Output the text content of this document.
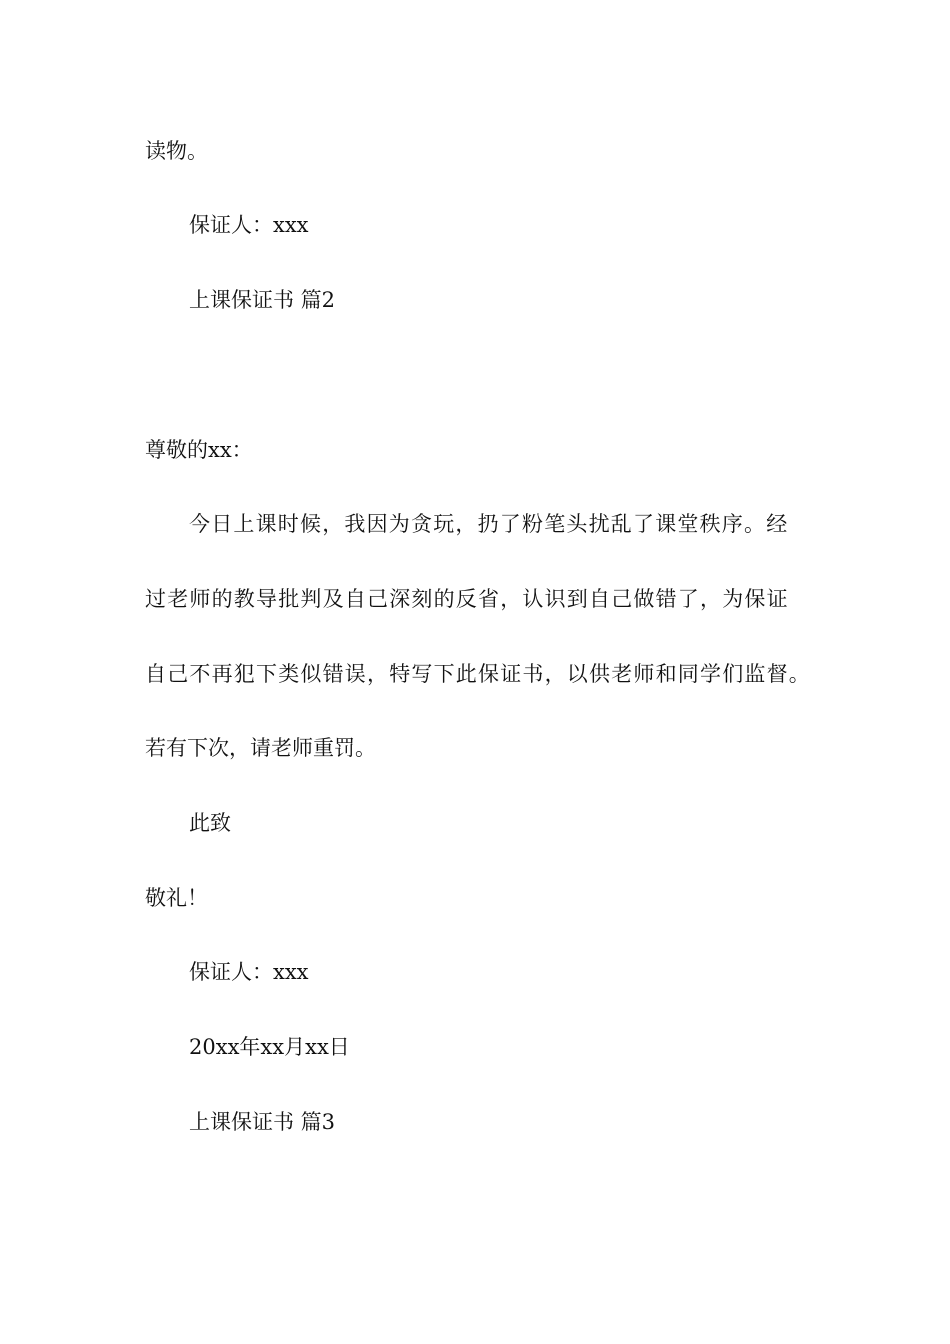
读物。
保证人：xxx
上课保证书 篇2
尊敬的xx：
今日上课时候，我因为贪玩，扔了粉笔头扰乱了课堂秩序。经
过老师的教导批判及自己深刻的反省，认识到自己做错了，为保证
自己不再犯下类似错误，特写下此保证书，以供老师和同学们监督。
若有下次，请老师重罚。
此致
敬礼！
保证人：xxx
20xx年xx月xx日
上课保证书 篇3
